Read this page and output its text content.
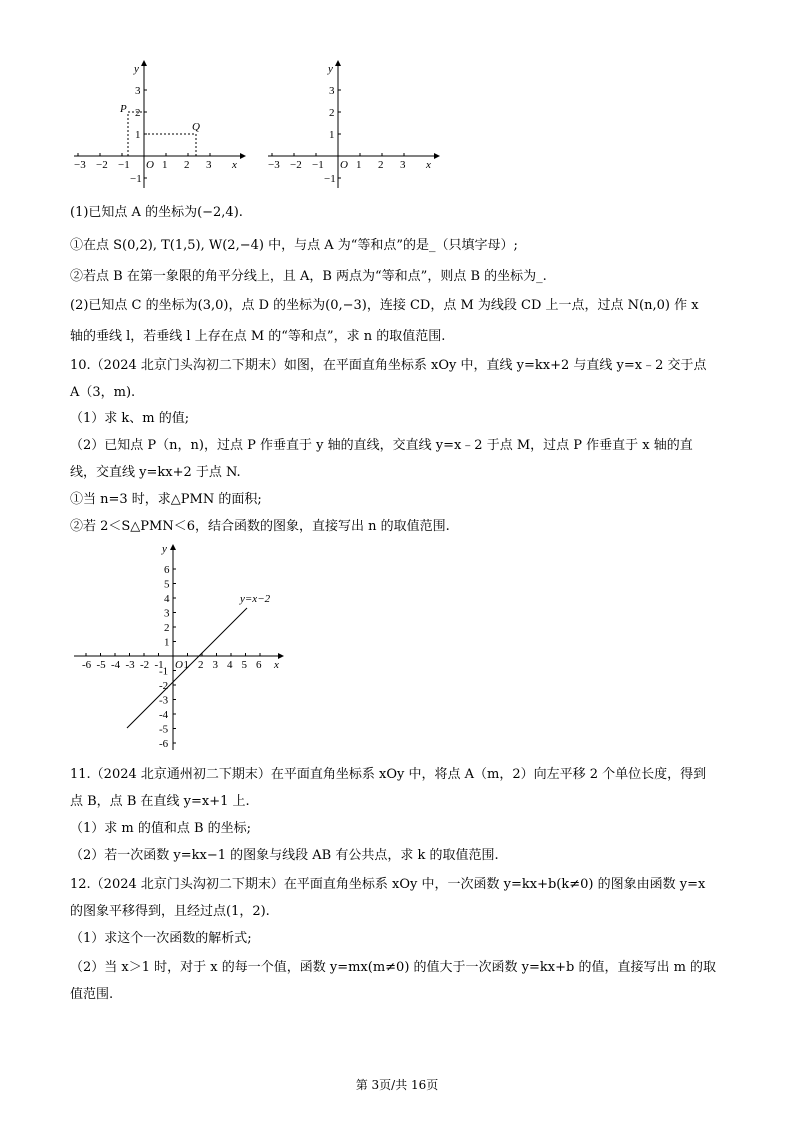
−3 −2 −1 O 1 2 3
3
2
1
−1
P
Q
x
y
−3 −2 −1 O 1 2 3
3
2
1
−1
x
y
(1)已知点 A 的坐标为(−2,4).
①在点 S(0,2), T(1,5), W(2,−4) 中，与点 A 为“等和点”的是_（只填字母）;
②若点 B 在第一象限的角平分线上，且 A，B 两点为“等和点”，则点 B 的坐标为_.
(2)已知点 C 的坐标为(3,0)，点 D 的坐标为(0,−3)，连接 CD，点 M 为线段 CD 上一点，过点 N(n,0) 作 x
轴的垂线 l，若垂线 l 上存在点 M 的“等和点”，求 n 的取值范围.
10.（2024 北京门头沟初二下期末）如图，在平面直角坐标系 xOy 中，直线 y=kx+2 与直线 y=x﹣2 交于点
A（3，m).
（1）求 k、m 的值;
（2）已知点 P（n，n)，过点 P 作垂直于 y 轴的直线，交直线 y=x﹣2 于点 M，过点 P 作垂直于 x 轴的直
线，交直线 y=kx+2 于点 N.
①当 n=3 时，求△PMN 的面积;
②若 2＜S△PMN＜6，结合函数的图象，直接写出 n 的取值范围.
-6 -5 -4 -3 -2 -1 O 1 2 3 4 5 6
6
5
4
3
2
1
-1
-2
-3
-4
-5
-6
y=x−2
x
y
11.（2024 北京通州初二下期末）在平面直角坐标系 xOy 中，将点 A（m，2）向左平移 2 个单位长度，得到
点 B，点 B 在直线 y=x+1 上.
（1）求 m 的值和点 B 的坐标;
（2）若一次函数 y=kx−1 的图象与线段 AB 有公共点，求 k 的取值范围.
12.（2024 北京门头沟初二下期末）在平面直角坐标系 xOy 中，一次函数 y=kx+b(k≠0) 的图象由函数 y=x
的图象平移得到，且经过点(1，2).
（1）求这个一次函数的解析式;
（2）当 x＞1 时，对于 x 的每一个值，函数 y=mx(m≠0) 的值大于一次函数 y=kx+b 的值，直接写出 m 的取
值范围.
第 3页/共 16页
